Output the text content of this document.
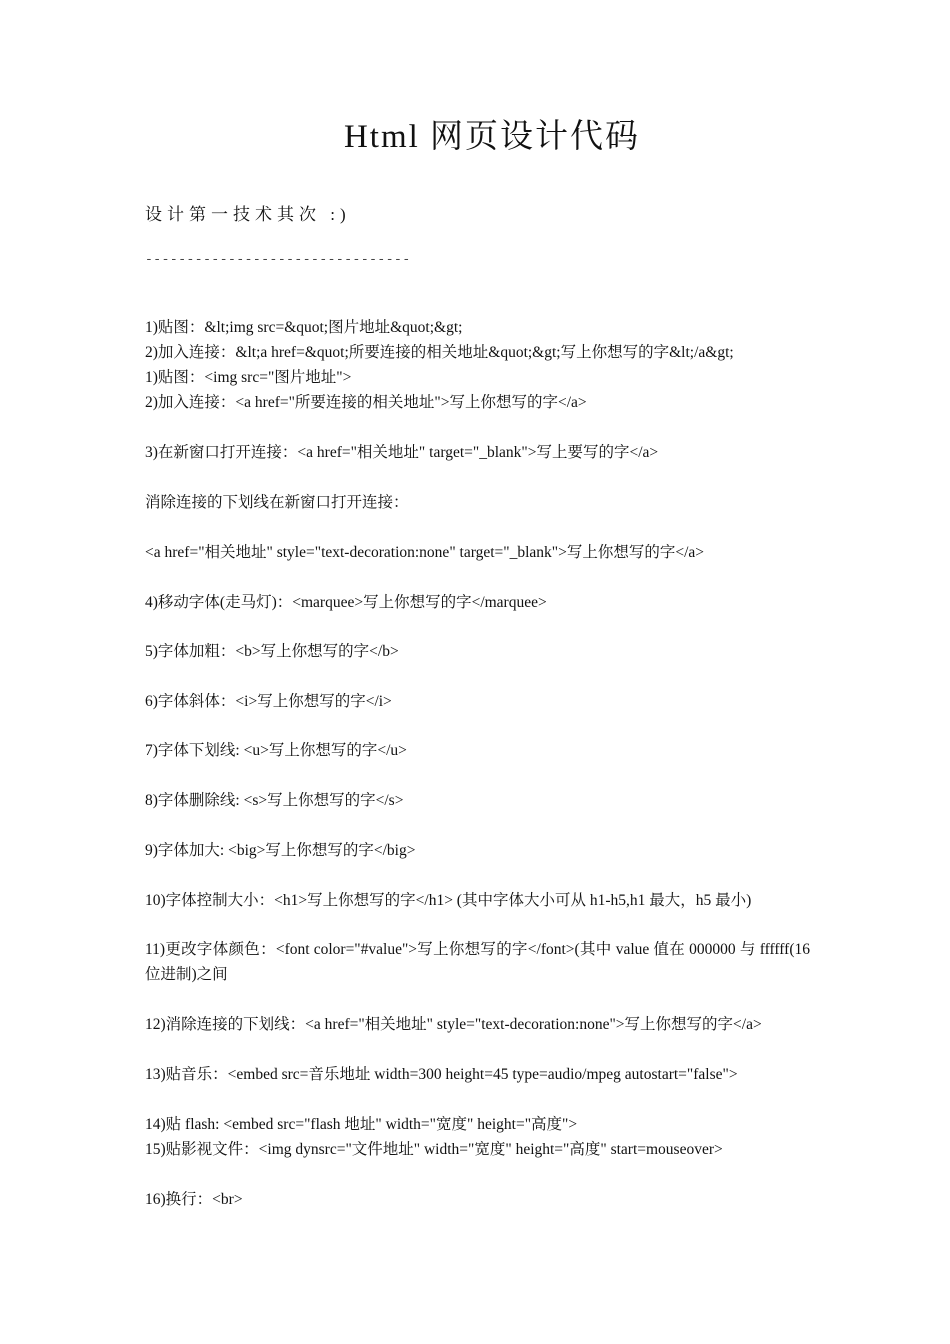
Html 网页设计代码
设计第一技术其次 :)
--------------------------------
1)贴图：&lt;img src=&quot;图片地址&quot;&gt;
2)加入连接：&lt;a href=&quot;所要连接的相关地址&quot;&gt;写上你想写的字&lt;/a&gt;
1)贴图：<img src="图片地址">
2)加入连接：<a href="所要连接的相关地址">写上你想写的字</a>
3)在新窗口打开连接：<a href="相关地址" target="_blank">写上要写的字</a>
消除连接的下划线在新窗口打开连接：
<a href="相关地址" style="text-decoration:none" target="_blank">写上你想写的字</a>
4)移动字体(走马灯)：<marquee>写上你想写的字</marquee>
5)字体加粗：<b>写上你想写的字</b>
6)字体斜体：<i>写上你想写的字</i>
7)字体下划线: <u>写上你想写的字</u>
8)字体删除线: <s>写上你想写的字</s>
9)字体加大: <big>写上你想写的字</big>
10)字体控制大小：<h1>写上你想写的字</h1> (其中字体大小可从 h1-h5,h1 最大，h5 最小)
11)更改字体颜色：<font color="#value">写上你想写的字</font>(其中 value 值在 000000 与 ffffff(16 位进制)之间
12)消除连接的下划线：<a href="相关地址" style="text-decoration:none">写上你想写的字</a>
13)贴音乐：<embed src=音乐地址 width=300 height=45 type=audio/mpeg autostart="false">
14)贴 flash: <embed src="flash 地址" width="宽度" height="高度">
15)贴影视文件：<img dynsrc="文件地址" width="宽度" height="高度" start=mouseover>
16)换行：<br>
